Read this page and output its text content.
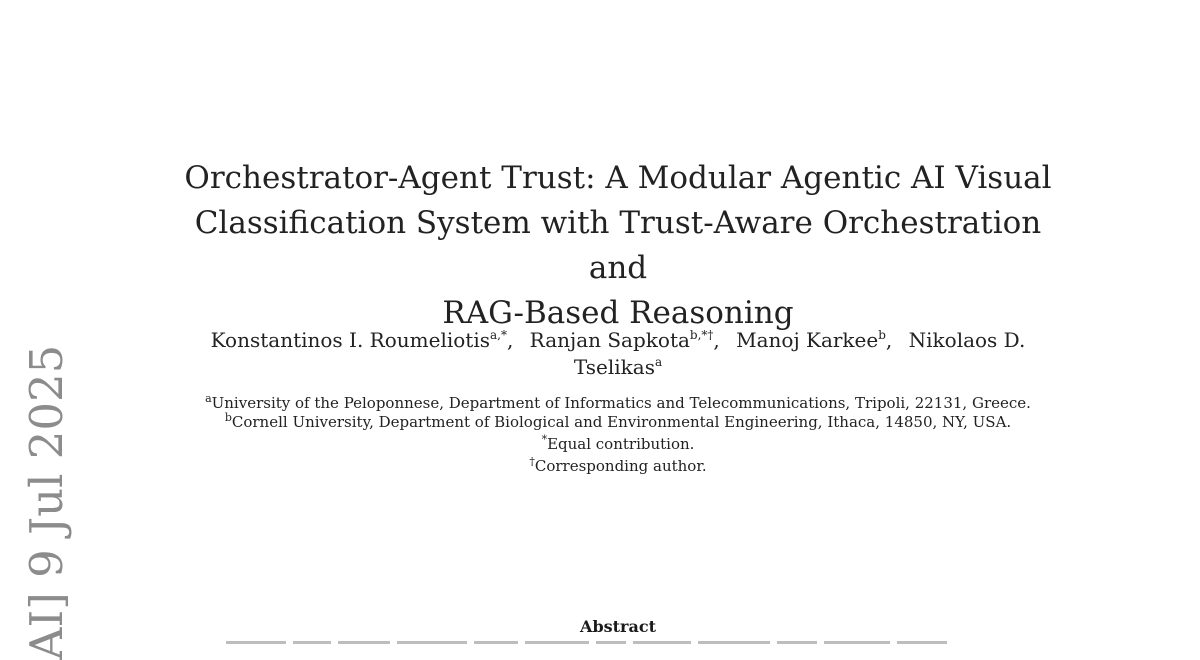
Orchestrator-Agent Trust: A Modular Agentic AI Visual
Classification System with Trust-Aware Orchestration and
RAG-Based Reasoning
Konstantinos I. Roumeliotis$^{a,*}$, Ranjan Sapkota$^{b,*\dagger}$, Manoj Karkee$^b$, Nikolaos D. Tselikas$^a$

$^a$University of the Peloponnese, Department of Informatics and Telecommunications, Tripoli, 22131, Greece.

$^b$Cornell University, Department of Biological and Environmental Engineering, Ithaca, 14850, NY, USA.

*Equal contribution.

†Corresponding author.

Abstract
AI] 9 Jul 2025
